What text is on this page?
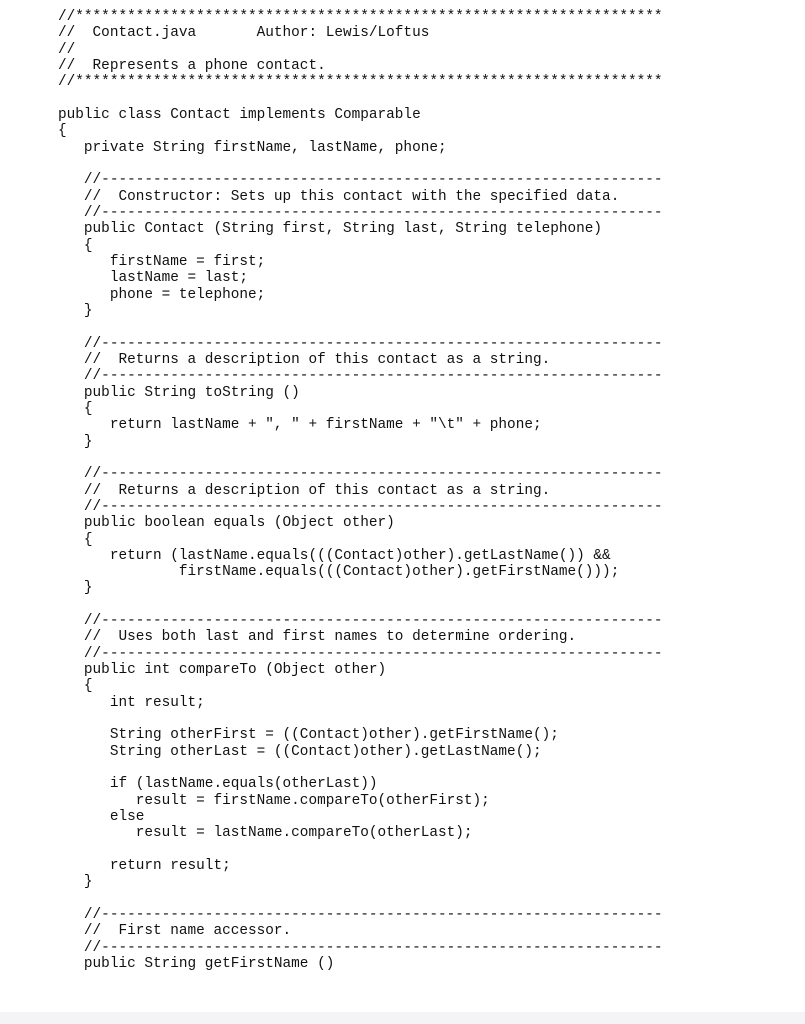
//********************************************************************
//  Contact.java       Author: Lewis/Loftus
//
//  Represents a phone contact.
//********************************************************************
public class Contact implements Comparable
{
private String firstName, lastName, phone;
//-----------------------------------------------------------------
//  Constructor: Sets up this contact with the specified data.
//-----------------------------------------------------------------
public Contact (String first, String last, String telephone)
{
firstName = first;
lastName = last;
phone = telephone;
}
//-----------------------------------------------------------------
//  Returns a description of this contact as a string.
//-----------------------------------------------------------------
public String toString ()
{
return lastName + ", " + firstName + "\t" + phone;
}
//-----------------------------------------------------------------
//  Returns a description of this contact as a string.
//-----------------------------------------------------------------
public boolean equals (Object other)
{
return (lastName.equals(((Contact)other).getLastName()) &&
firstName.equals(((Contact)other).getFirstName()));
}
//-----------------------------------------------------------------
//  Uses both last and first names to determine ordering.
//-----------------------------------------------------------------
public int compareTo (Object other)
{
int result;
String otherFirst = ((Contact)other).getFirstName();
String otherLast = ((Contact)other).getLastName();
if (lastName.equals(otherLast))
result = firstName.compareTo(otherFirst);
else
result = lastName.compareTo(otherLast);
return result;
}
//-----------------------------------------------------------------
//  First name accessor.
//-----------------------------------------------------------------
public String getFirstName ()
